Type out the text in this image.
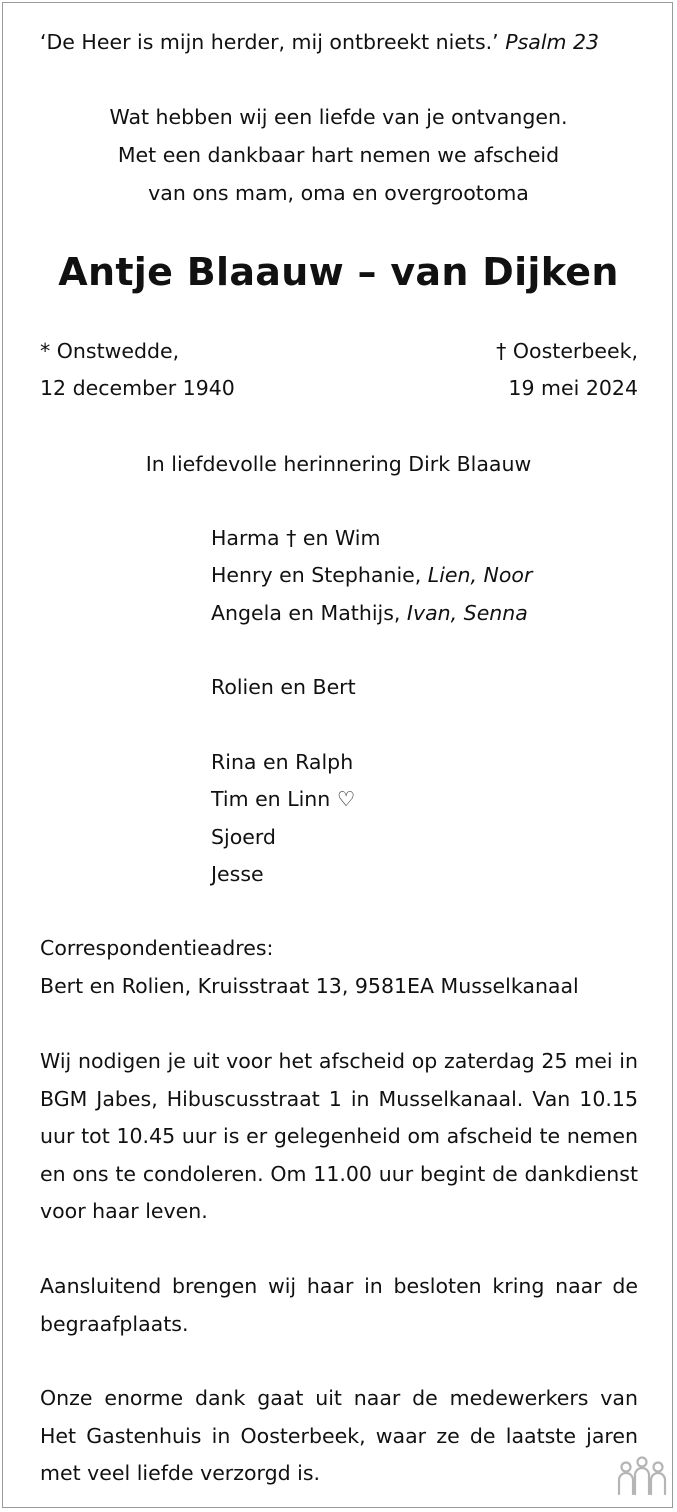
‘De Heer is mijn herder, mij ontbreekt niets.’ Psalm 23

Wat hebben wij een liefde van je ontvangen.

Met een dankbaar hart nemen we afscheid

van ons mam, oma en overgrootoma

Antje Blaauw – van Dijken

* Onstwedde,

12 december 1940

† Oosterbeek,

19 mei 2024

In liefdevolle herinnering Dirk Blaauw

Harma † en Wim

Henry en Stephanie, Lien, Noor

Angela en Mathijs, Ivan, Senna

Rolien en Bert

Rina en Ralph

Tim en Linn ♡

Sjoerd

Jesse

Correspondentieadres:

Bert en Rolien, Kruisstraat 13, 9581EA Musselkanaal

Wij nodigen je uit voor het afscheid op zaterdag 25 mei in BGM Jabes, Hibuscusstraat 1 in Musselkanaal. Van 10.15 uur tot 10.45 uur is er gelegenheid om afscheid te nemen en ons te condoleren. Om 11.00 uur begint de dankdienst voor haar leven.

Aansluitend brengen wij haar in besloten kring naar de begraafplaats.

Onze enorme dank gaat uit naar de medewerkers van Het Gastenhuis in Oosterbeek, waar ze de laatste jaren met veel liefde verzorgd is.
